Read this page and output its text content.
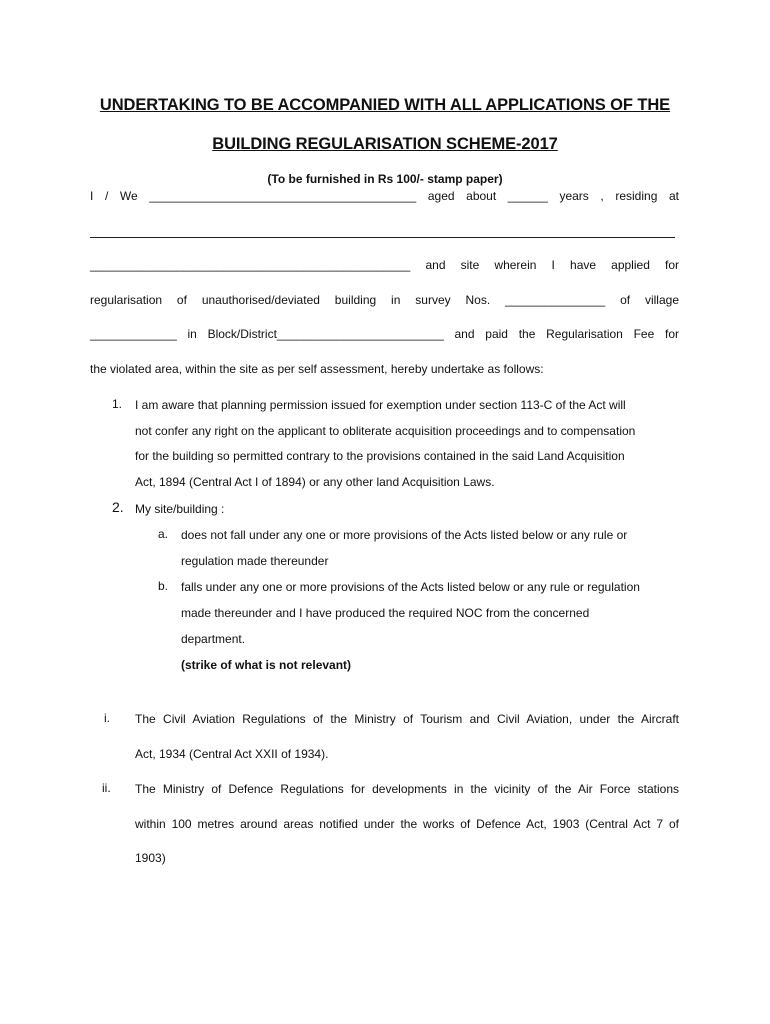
UNDERTAKING TO BE ACCOMPANIED WITH ALL APPLICATIONS OF THE
BUILDING REGULARISATION SCHEME-2017
(To be furnished in Rs 100/- stamp paper)
I / We ________________________________________ aged about ______ years , residing at
________________________________________________ and site wherein I have applied for
regularisation of unauthorised/deviated building in survey Nos. _______________ of village
_____________ in Block/District_________________________ and paid the Regularisation Fee for
the violated area, within the site as per self assessment, hereby undertake as follows:
1. I am aware that planning permission issued for exemption under section 113-C of the Act will
not confer any right on the applicant to obliterate acquisition proceedings and to compensation
for the building so permitted contrary to the provisions contained in the said Land Acquisition
Act, 1894 (Central Act I of 1894) or any other land Acquisition Laws.
2. My site/building :
a. does not fall under any one or more provisions of the Acts listed below or any rule or
regulation made thereunder
b. falls under any one or more provisions of the Acts listed below or any rule or regulation
made thereunder and I have produced the required NOC from the concerned
department.
(strike of what is not relevant)
i. The Civil Aviation Regulations of the Ministry of Tourism and Civil Aviation, under the Aircraft
Act, 1934 (Central Act XXII of 1934).
ii. The Ministry of Defence Regulations for developments in the vicinity of the Air Force stations
within 100 metres around areas notified under the works of Defence Act, 1903 (Central Act 7 of
1903)
